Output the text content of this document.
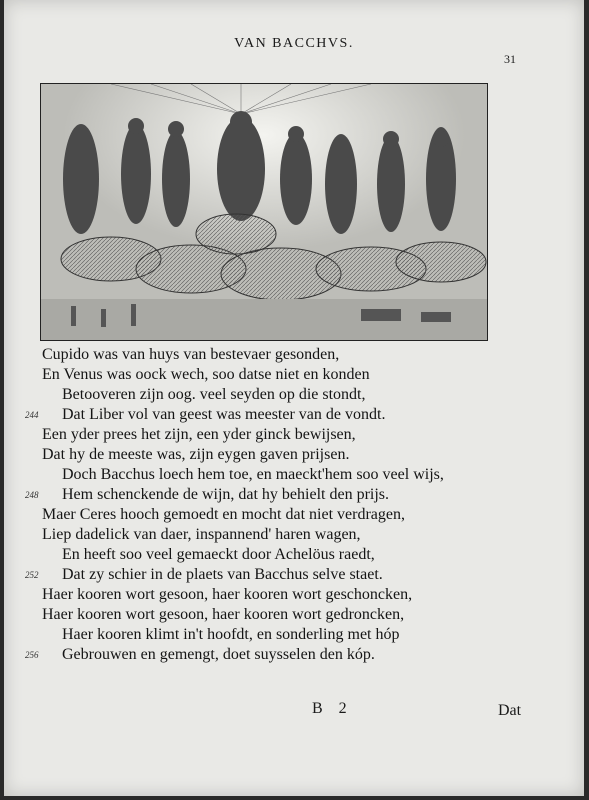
VAN BACCHVS.
31
Cupido was van huys van bestevaer gesonden,
En Venus was oock wech, soo datse niet en konden
Betooveren zijn oog. veel seyden op die stondt,
Dat Liber vol van geest was meester van de vondt.
244
Een yder prees het zijn, een yder ginck bewijsen,
Dat hy de meeste was, zijn eygen gaven prijsen.
Doch Bacchus loech hem toe, en maeckt'hem soo veel wijs,
Hem schenckende de wijn, dat hy behielt den prijs.
248
Maer Ceres hooch gemoedt en mocht dat niet verdragen,
Liep dadelick van daer, inspannend' haren wagen,
En heeft soo veel gemaeckt door Achelöus raedt,
Dat zy schier in de plaets van Bacchus selve staet.
252
Haer kooren wort gesoon, haer kooren wort geschoncken,
Haer kooren wort gesoon, haer kooren wort gedroncken,
Haer kooren klimt in't hoofdt, en sonderling met hóp
Gebrouwen en gemengt, doet suysselen den kóp.
256
B 2	Dat
